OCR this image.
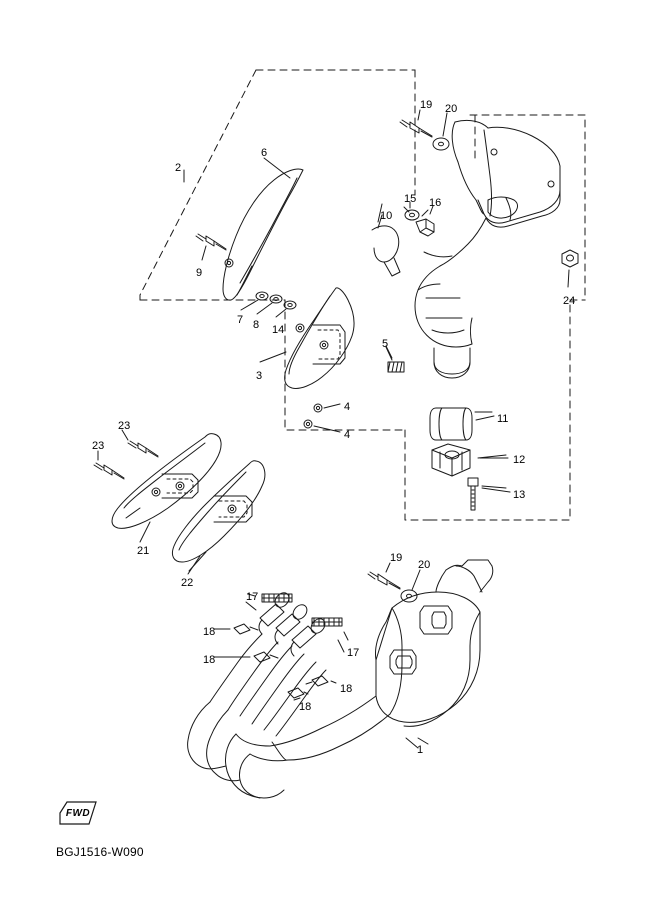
2
6
19 20
15 16
10
9
24
7 8 14
5
3
4
4
11
23
23
12
13
21
22
19
20
17
18
17
18
18
18
1
FWD
BGJ1516-W090
